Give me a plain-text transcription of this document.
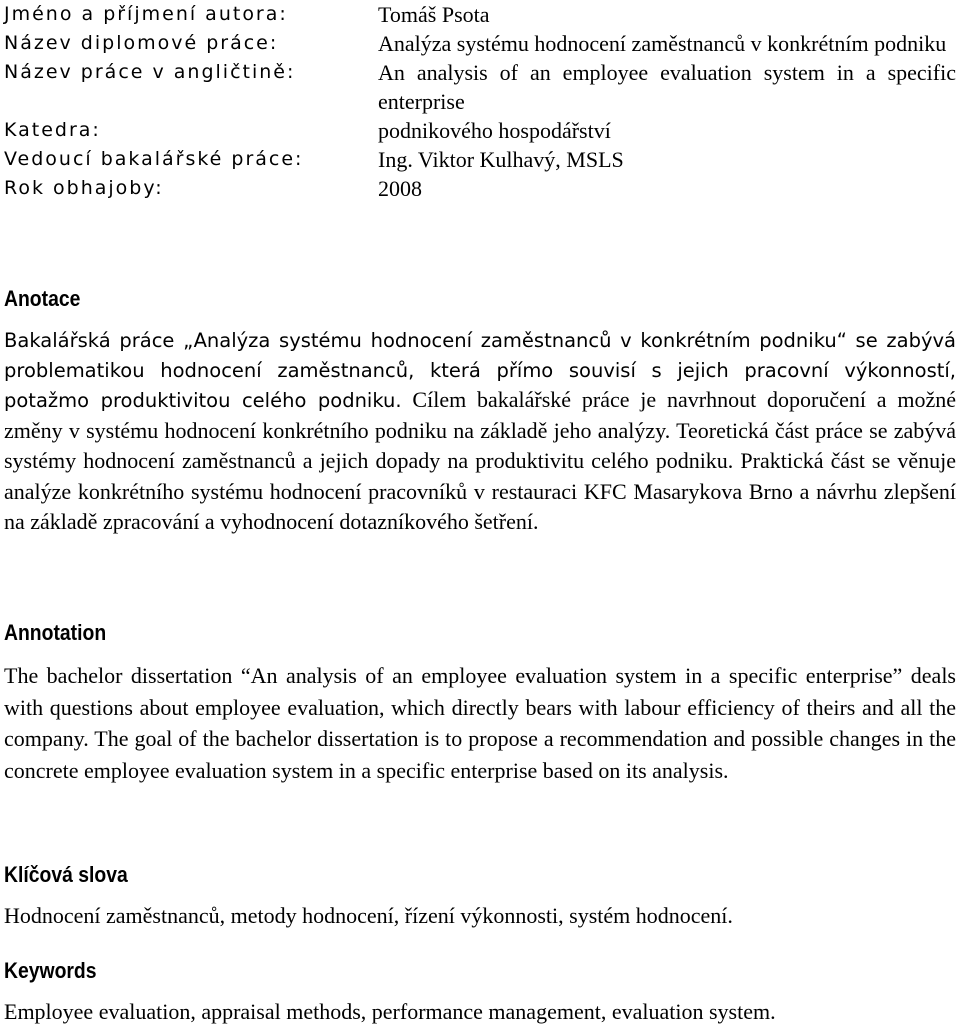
Jméno a příjmení autora:	Tomáš Psota
Název diplomové práce:	Analýza systému hodnocení zaměstnanců v konkrétním podniku
Název práce v angličtině:	An analysis of an employee evaluation system in a specific enterprise
Katedra:	podnikového hospodářství
Vedoucí bakalářské práce:	Ing. Viktor Kulhavý, MSLS
Rok obhajoby:	2008
Anotace

Bakalářská práce „Analýza systému hodnocení zaměstnanců v konkrétním podniku“ se zabývá problematikou hodnocení zaměstnanců, která přímo souvisí s jejich pracovní výkonností, potažmo produktivitou celého podniku. Cílem bakalářské práce je navrhnout doporučení a možné změny v systému hodnocení konkrétního podniku na základě jeho analýzy. Teoretická část práce se zabývá systémy hodnocení zaměstnanců a jejich dopady na produktivitu celého podniku. Praktická část se věnuje analýze konkrétního systému hodnocení pracovníků v restauraci KFC Masarykova Brno a návrhu zlepšení na základě zpracování a vyhodnocení dotazníkového šetření.

Annotation

The bachelor dissertation “An analysis of an employee evaluation system in a specific enterprise” deals with questions about employee evaluation, which directly bears with labour efficiency of theirs and all the company. The goal of the bachelor dissertation is to propose a recommendation and possible changes in the concrete employee evaluation system in a specific enterprise based on its analysis.

Klíčová slova

Hodnocení zaměstnanců, metody hodnocení, řízení výkonnosti, systém hodnocení.

Keywords

Employee evaluation, appraisal methods, performance management, evaluation system.
